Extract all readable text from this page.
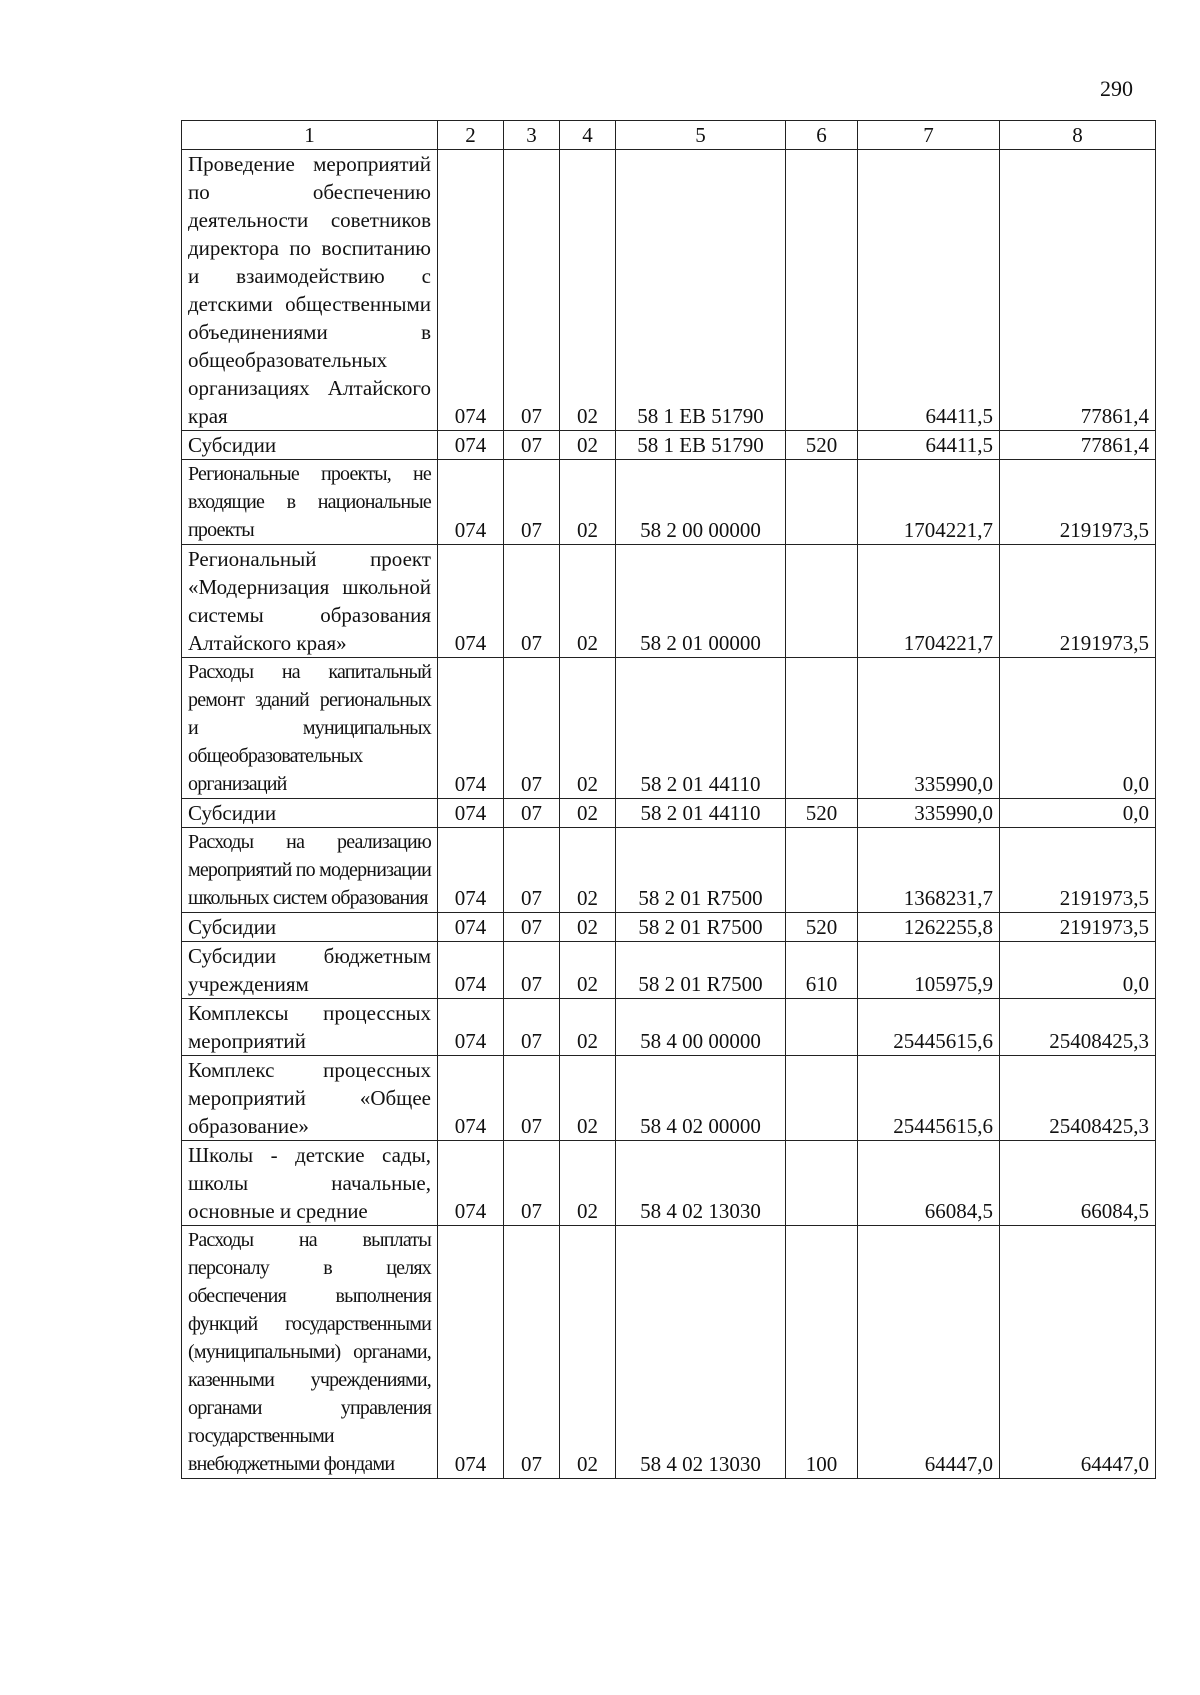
290
1	2	3	4	5	6	7	8
Проведение мероприятий по обеспечению деятельности советников директора по воспитанию и взаимодействию с детскими общественными объединениями в общеобразовательных организациях Алтайского края	074	07	02	58 1 ЕВ 51790		64411,5	77861,4
Субсидии	074	07	02	58 1 ЕВ 51790	520	64411,5	77861,4
Региональные проекты, не входящие в национальные проекты	074	07	02	58 2 00 00000		1704221,7	2191973,5
Региональный проект «Модернизация школьной системы образования Алтайского края»	074	07	02	58 2 01 00000		1704221,7	2191973,5
Расходы на капитальный ремонт зданий региональных и муниципальных общеобразовательных организаций	074	07	02	58 2 01 44110		335990,0	0,0
Субсидии	074	07	02	58 2 01 44110	520	335990,0	0,0
Расходы на реализацию мероприятий по модернизации школьных систем образования	074	07	02	58 2 01 R7500		1368231,7	2191973,5
Субсидии	074	07	02	58 2 01 R7500	520	1262255,8	2191973,5
Субсидии бюджетным учреждениям	074	07	02	58 2 01 R7500	610	105975,9	0,0
Комплексы процессных мероприятий	074	07	02	58 4 00 00000		25445615,6	25408425,3
Комплекс процессных мероприятий «Общее образование»	074	07	02	58 4 02 00000		25445615,6	25408425,3
Школы - детские сады, школы начальные, основные и средние	074	07	02	58 4 02 13030		66084,5	66084,5
Расходы на выплаты персоналу в целях обеспечения выполнения функций государственными (муниципальными) органами, казенными учреждениями, органами управления государственными внебюджетными фондами	074	07	02	58 4 02 13030	100	64447,0	64447,0
